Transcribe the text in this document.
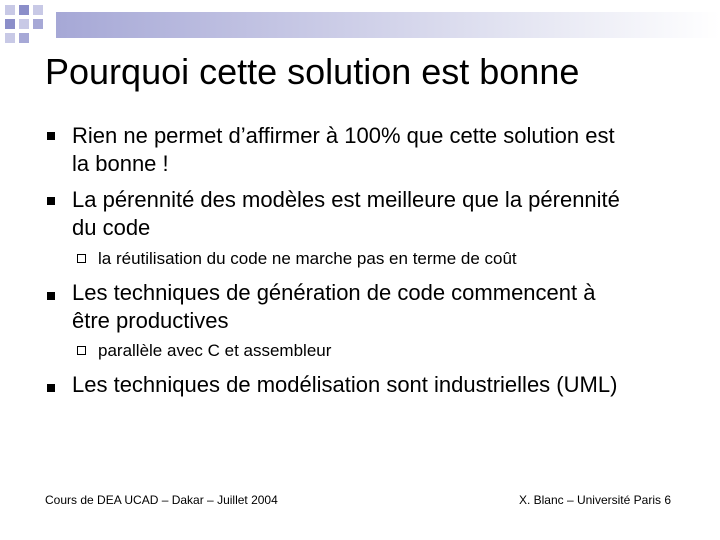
Pourquoi cette solution est bonne
Rien ne permet d’affirmer à 100% que cette solution est
la bonne !
La pérennité des modèles est meilleure que la pérennité
du code
la réutilisation du code ne marche pas en terme de coût
Les techniques de génération de code commencent à
être productives
parallèle avec C et assembleur
Les techniques de modélisation sont industrielles (UML)
Cours de DEA UCAD – Dakar – Juillet 2004	X. Blanc – Université Paris 6
